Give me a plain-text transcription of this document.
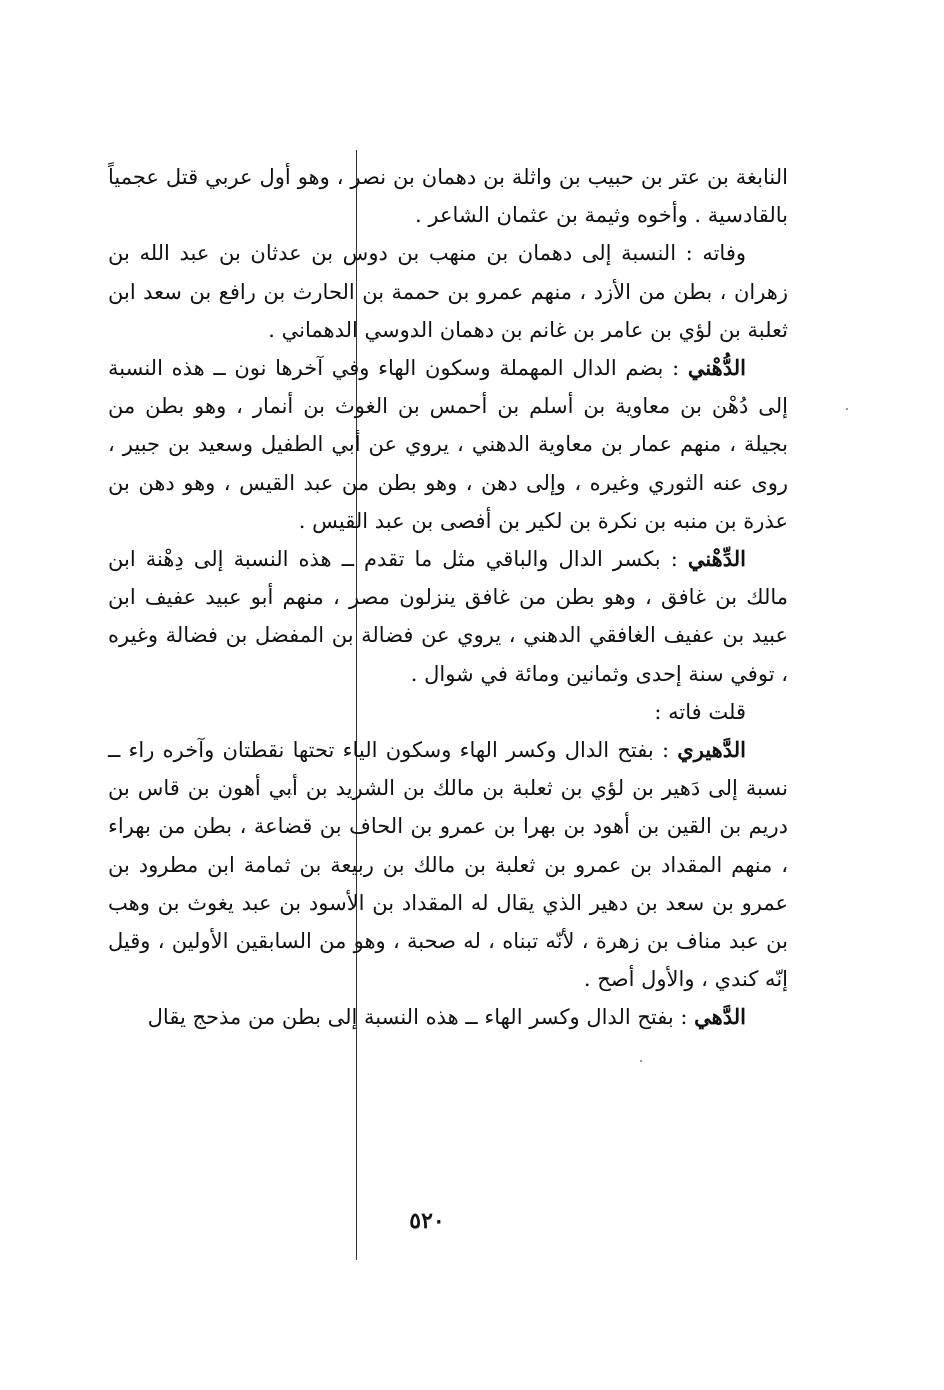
النابغة بن عتر بن حبيب بن واثلة بن دهمان بن نصر ، وهو أول عربي قتل عجمياً بالقادسية . وأخوه وثيمة بن عثمان الشاعر .

وفاته : النسبة إلى دهمان بن منهب بن دوس بن عدثان بن عبد الله بن زهران ، بطن من الأزد ، منهم عمرو بن حممة بن الحارث بن رافع بن سعد ابن ثعلبة بن لؤي بن عامر بن غانم بن دهمان الدوسي الدهماني .

الدُّهْني : بضم الدال المهملة وسكون الهاء وفي آخرها نون ــ هذه النسبة إلى دُهْن بن معاوية بن أسلم بن أحمس بن الغوث بن أنمار ، وهو بطن من بجيلة ، منهم عمار بن معاوية الدهني ، يروي عن أبي الطفيل وسعيد بن جبير ، روى عنه الثوري وغيره ، وإلى دهن ، وهو بطن من عبد القيس ، وهو دهن بن عذرة بن منبه بن نكرة بن لكير بن أفصى بن عبد القيس .

الدِّهْني : بكسر الدال والباقي مثل ما تقدم ــ هذه النسبة إلى دِهْنة ابن مالك بن غافق ، وهو بطن من غافق ينزلون مصر ، منهم أبو عبيد عفيف ابن عبيد بن عفيف الغافقي الدهني ، يروي عن فضالة بن المفضل بن فضالة وغيره ، توفي سنة إحدى وثمانين ومائة في شوال .

قلت فاته :

الدَّهيري : بفتح الدال وكسر الهاء وسكون الياء تحتها نقطتان وآخره راء ــ نسبة إلى دَهير بن لؤي بن ثعلبة بن مالك بن الشريد بن أبي أهون بن قاس بن دريم بن القين بن أهود بن بهرا بن عمرو بن الحاف بن قضاعة ، بطن من بهراء ، منهم المقداد بن عمرو بن ثعلبة بن مالك بن ربيعة بن ثمامة ابن مطرود بن عمرو بن سعد بن دهير الذي يقال له المقداد بن الأسود بن عبد يغوث بن وهب بن عبد مناف بن زهرة ، لأنّه تبناه ، له صحبة ، وهو من السابقين الأولين ، وقيل إنّه كندي ، والأول أصح .

الدَّهي : بفتح الدال وكسر الهاء ــ هذه النسبة إلى بطن من مذحج يقال

٥٢٠
